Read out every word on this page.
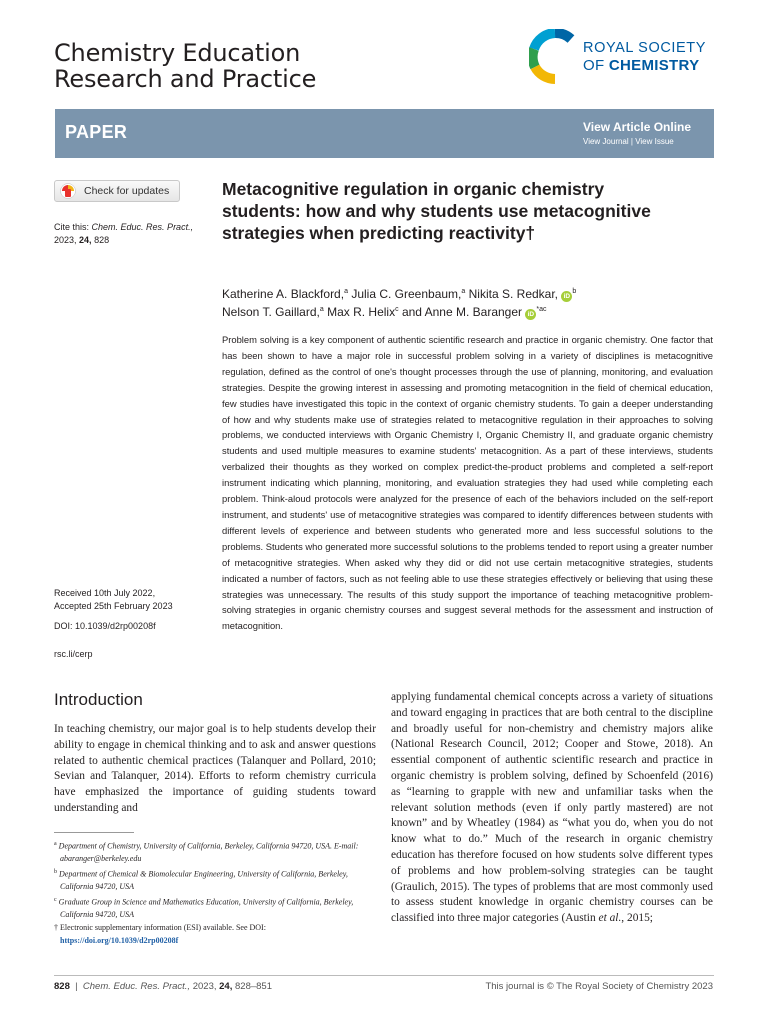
Chemistry Education
Research and Practice
ROYAL SOCIETY
OF CHEMISTRY
PAPER	View Article Online
View Journal | View Issue
Check for updates
Cite this: Chem. Educ. Res. Pract.,
2023, 24, 828
Received 10th July 2022,
Accepted 25th February 2023
DOI: 10.1039/d2rp00208f
rsc.li/cerp
Metacognitive regulation in organic chemistry students: how and why students use metacognitive strategies when predicting reactivity†
Katherine A. Blackford,$^a$ Julia C. Greenbaum,$^a$ Nikita S. Redkar, $iD^b$
Nelson T. Gaillard,$^a$ Max R. Helix$^c$ and Anne M. Baranger $iD^{*ac}$
Problem solving is a key component of authentic scientific research and practice in organic chemistry. One factor that has been shown to have a major role in successful problem solving in a variety of disciplines is metacognitive regulation, defined as the control of one's thought processes through the use of planning, monitoring, and evaluation strategies. Despite the growing interest in assessing and promoting metacognition in the field of chemical education, few studies have investigated this topic in the context of organic chemistry students. To gain a deeper understanding of how and why students make use of strategies related to metacognitive regulation in their approaches to solving problems, we conducted interviews with Organic Chemistry I, Organic Chemistry II, and graduate organic chemistry students and used multiple measures to examine students' metacognition. As a part of these interviews, students verbalized their thoughts as they worked on complex predict-the-product problems and completed a self-report instrument indicating which planning, monitoring, and evaluation strategies they had used while completing each problem. Think-aloud protocols were analyzed for the presence of each of the behaviors included on the self-report instrument, and students' use of metacognitive strategies was compared to identify differences between students with different levels of experience and between students who generated more and less successful solutions to the problems. Students who generated more successful solutions to the problems tended to report using a greater number of metacognitive strategies. When asked why they did or did not use certain metacognitive strategies, students indicated a number of factors, such as not feeling able to use these strategies effectively or believing that using these strategies was unnecessary. The results of this study support the importance of teaching metacognitive problem-solving strategies in organic chemistry courses and suggest several methods for the assessment and instruction of metacognition.
Introduction
In teaching chemistry, our major goal is to help students develop their ability to engage in chemical thinking and to ask and answer questions related to authentic chemical practices (Talanquer and Pollard, 2010; Sevian and Talanquer, 2014). Efforts to reform chemistry curricula have emphasized the importance of guiding students toward understanding and
applying fundamental chemical concepts across a variety of situations and toward engaging in practices that are both central to the discipline and broadly useful for non-chemistry and chemistry majors alike (National Research Council, 2012; Cooper and Stowe, 2018). An essential component of authentic scientific research and practice in organic chemistry is problem solving, defined by Schoenfeld (2016) as “learning to grapple with new and unfamiliar tasks when the relevant solution methods (even if only partly mastered) are not known” and by Wheatley (1984) as “what you do, when you do not know what to do.” Much of the research in organic chemistry education has therefore focused on how students solve different types of problems and how problem-solving strategies can be taught (Graulich, 2015). The types of problems that are most commonly used to assess student knowledge in organic chemistry courses can be classified into three major categories (Austin et al., 2015;
$^a$ Department of Chemistry, University of California, Berkeley, California 94720, USA. E-mail: abaranger@berkeley.edu
$^b$ Department of Chemical & Biomolecular Engineering, University of California, Berkeley, California 94720, USA
$^c$ Graduate Group in Science and Mathematics Education, University of California, Berkeley, California 94720, USA
† Electronic supplementary information (ESI) available. See DOI: https://doi.org/10.1039/d2rp00208f
828 | Chem. Educ. Res. Pract., 2023, 24, 828–851	This journal is © The Royal Society of Chemistry 2023
